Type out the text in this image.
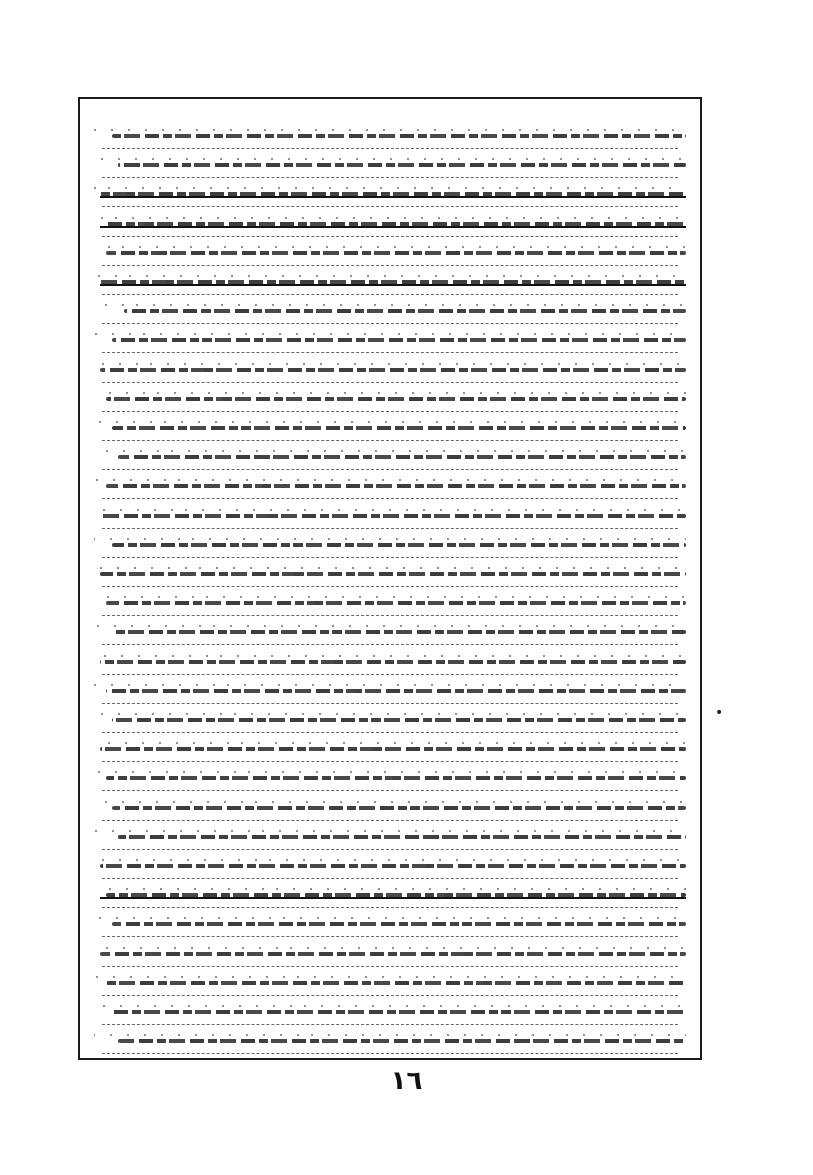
•
١٦
